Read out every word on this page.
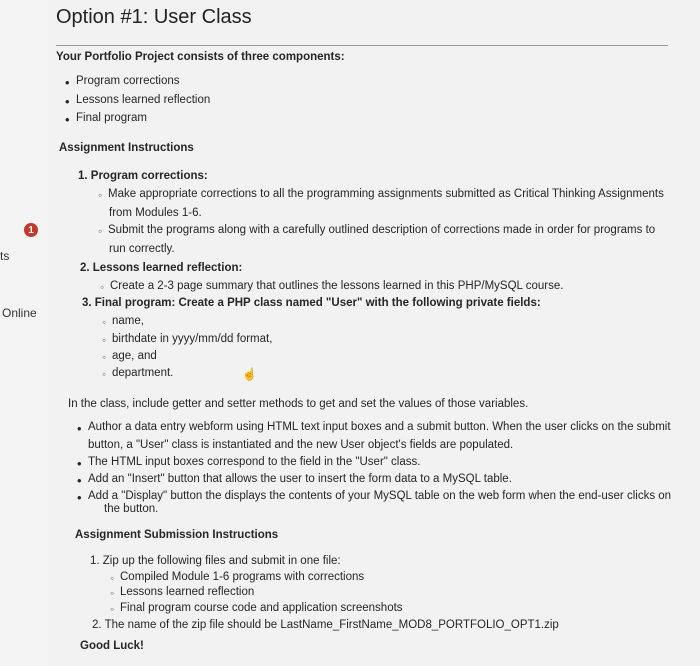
1
ts
Online
Option #1: User Class
Your Portfolio Project consists of three components:
• Program corrections
• Lessons learned reflection
• Final program
Assignment Instructions
1. Program corrections:
◦ Make appropriate corrections to all the programming assignments submitted as Critical Thinking Assignments
from Modules 1-6.
◦ Submit the programs along with a carefully outlined description of corrections made in order for programs to
run correctly.
2. Lessons learned reflection:
◦ Create a 2-3 page summary that outlines the lessons learned in this PHP/MySQL course.
3. Final program: Create a PHP class named "User" with the following private fields:
◦ name,
◦ birthdate in yyyy/mm/dd format,
◦ age, and
◦ department.
In the class, include getter and setter methods to get and set the values of those variables.
• Author a data entry webform using HTML text input boxes and a submit button. When the user clicks on the submit
button, a "User" class is instantiated and the new User object's fields are populated.
• The HTML input boxes correspond to the field in the "User" class.
• Add an "Insert" button that allows the user to insert the form data to a MySQL table.
• Add a "Display" button the displays the contents of your MySQL table on the web form when the end-user clicks on
the button.
Assignment Submission Instructions
1. Zip up the following files and submit in one file:
◦ Compiled Module 1-6 programs with corrections
◦ Lessons learned reflection
◦ Final program course code and application screenshots
2. The name of the zip file should be LastName_FirstName_MOD8_PORTFOLIO_OPT1.zip
Good Luck!
☝
